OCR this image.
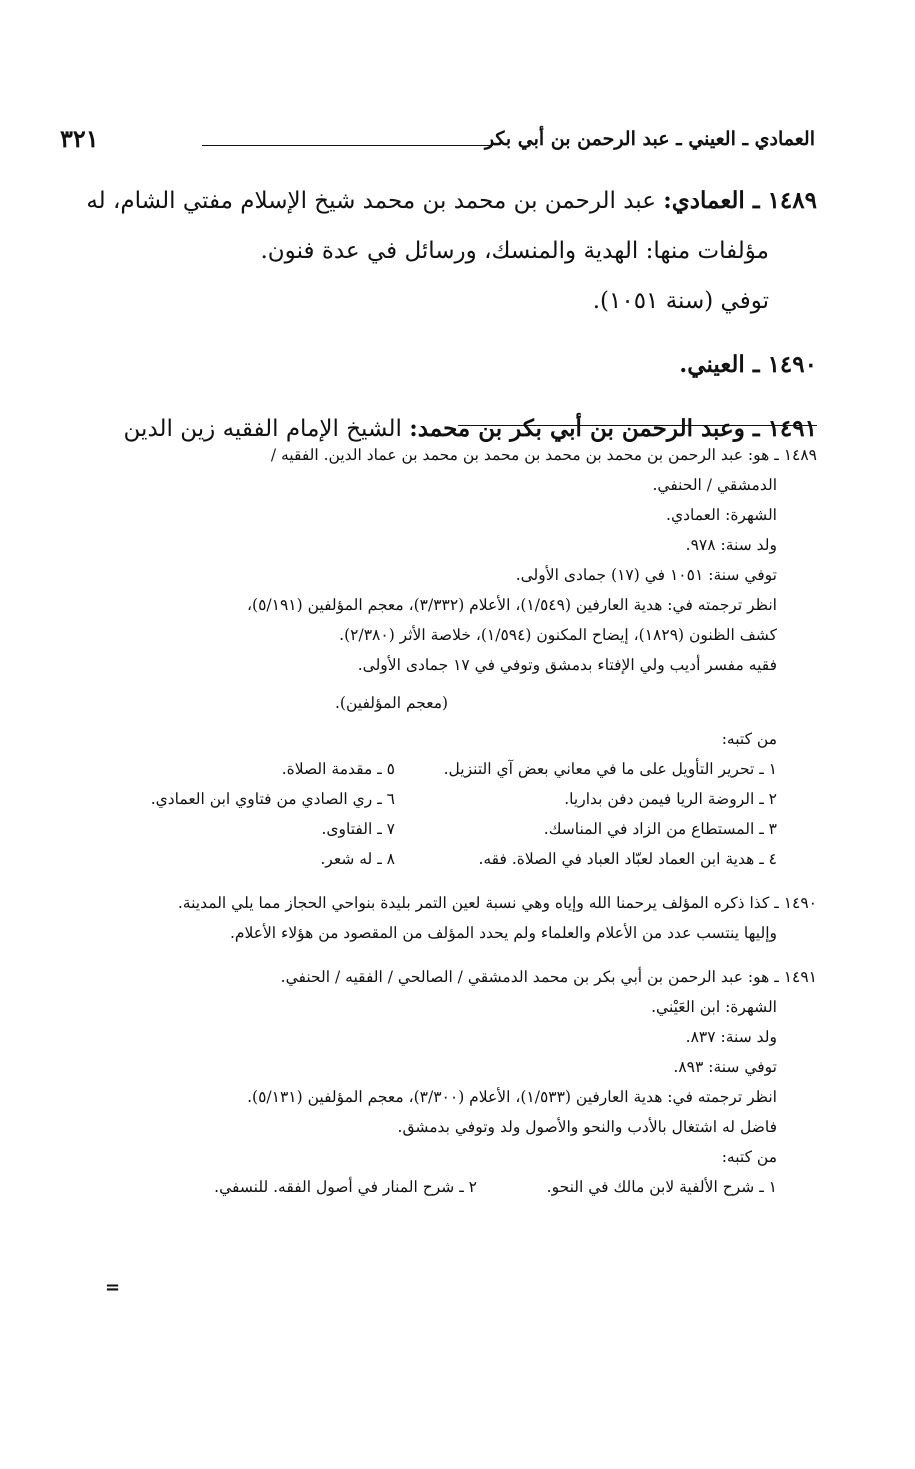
العمادي ـ العيني ـ عبد الرحمن بن أبي بكر
٣٢١

١٤٨٩ ـ العمادي: عبد الرحمن بن محمد بن محمد شيخ الإسلام مفتي الشام، له

مؤلفات منها: الهدية والمنسك، ورسائل في عدة فنون.

توفي (سنة ١٠٥١).

١٤٩٠ ـ العيني.

١٤٩١ ـ وعبد الرحمن بن أبي بكر بن محمد: الشيخ الإمام الفقيه زين الدين

١٤٨٩ ـ هو: عبد الرحمن بن محمد بن محمد بن محمد بن محمد بن عماد الدين. الفقيه /

الدمشقي / الحنفي.

الشهرة: العمادي.

ولد سنة: ٩٧٨.

توفي سنة: ١٠٥١ في (١٧) جمادى الأولى.

انظر ترجمته في: هدية العارفين (١/٥٤٩)، الأعلام (٣/٣٣٢)، معجم المؤلفين (٥/١٩١)،

كشف الظنون (١٨٢٩)، إيضاح المكنون (١/٥٩٤)، خلاصة الأثر (٢/٣٨٠).

فقيه مفسر أديب ولي الإفتاء بدمشق وتوفي في ١٧ جمادى الأولى.

(معجم المؤلفين).

من كتبه:

١ ـ تحرير التأويل على ما في معاني بعض آي التنزيل.
٥ ـ مقدمة الصلاة.
٢ ـ الروضة الريا فيمن دفن بداريا.
٦ ـ ري الصادي من فتاوي ابن العمادي.
٣ ـ المستطاع من الزاد في المناسك.
٧ ـ الفتاوى.
٤ ـ هدية ابن العماد لعبّاد العباد في الصلاة. فقه.
٨ ـ له شعر.

١٤٩٠ ـ كذا ذكره المؤلف يرحمنا الله وإياه وهي نسبة لعين التمر بليدة بنواحي الحجاز مما يلي المدينة.

وإليها ينتسب عدد من الأعلام والعلماء ولم يحدد المؤلف من المقصود من هؤلاء الأعلام.

١٤٩١ ـ هو: عبد الرحمن بن أبي بكر بن محمد الدمشقي / الصالحي / الفقيه / الحنفي.

الشهرة: ابن العَيْني.

ولد سنة: ٨٣٧.

توفي سنة: ٨٩٣.

انظر ترجمته في: هدية العارفين (١/٥٣٣)، الأعلام (٣/٣٠٠)، معجم المؤلفين (٥/١٣١).

فاضل له اشتغال بالأدب والنحو والأصول ولد وتوفي بدمشق.

من كتبه:

١ ـ شرح الألفية لابن مالك في النحو.
٢ ـ شرح المنار في أصول الفقه. للنسفي.
=
